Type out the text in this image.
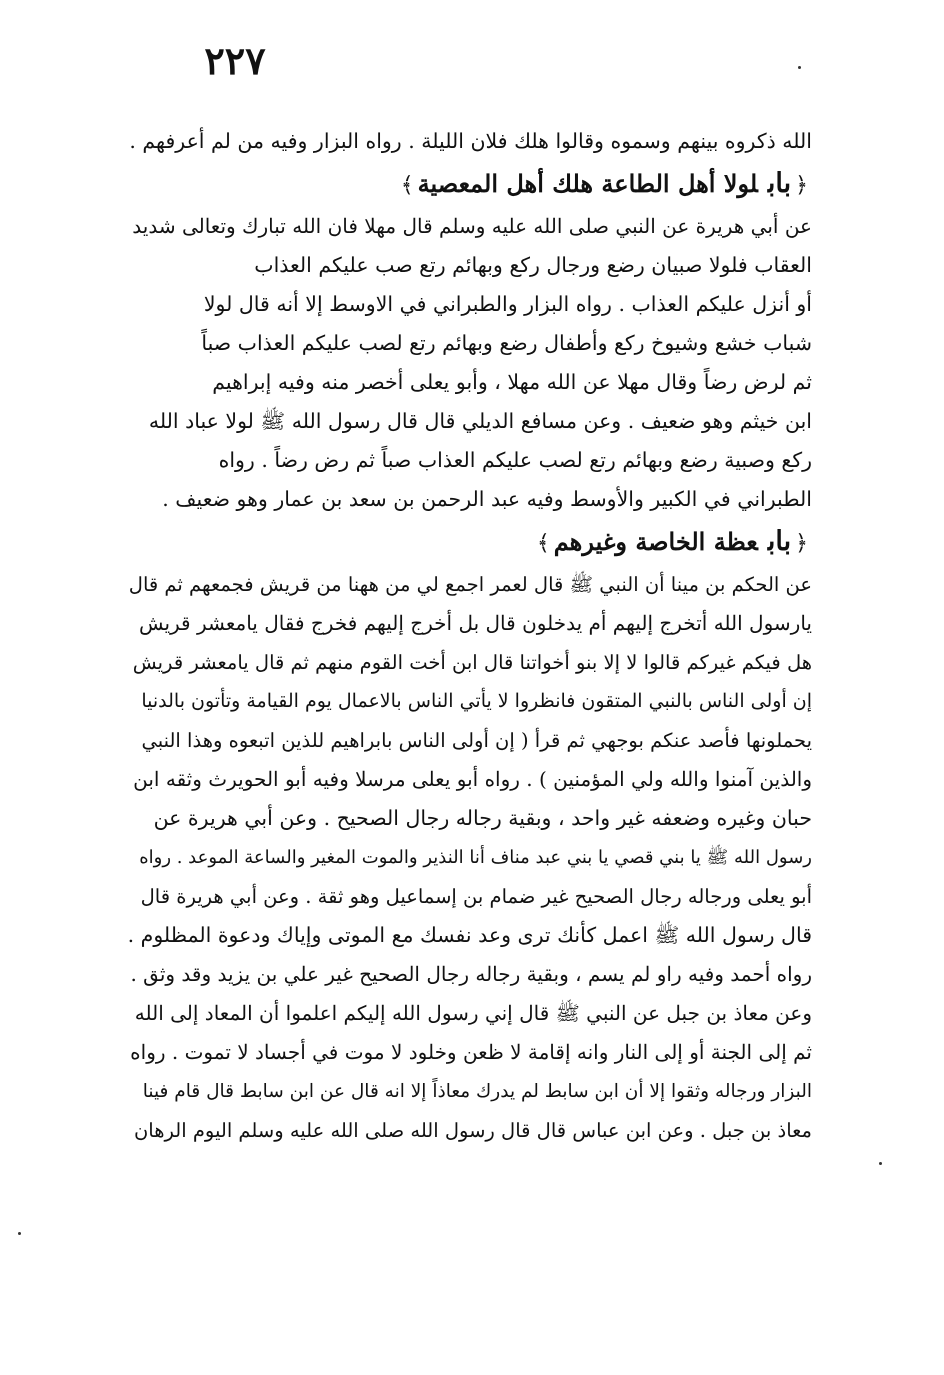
٢٢٧
الله ذكروه بينهم وسموه وقالوا هلك فلان الليلة . رواه البزار وفيه من لم أعرفهم .
﴿بابلولا أهل الطاعة هلك أهل المعصية﴾
عن أبي هريرة عن النبي صلى الله عليه وسلم قال مهلا فان الله تبارك وتعالى شديد
العقاب فلولا صبيان رضع ورجال ركع وبهائم رتع صب عليكم العذاب
أو أنزل عليكم العذاب . رواه البزار والطبراني في الاوسط إلا أنه قال لولا
شباب خشع وشيوخ ركع وأطفال رضع وبهائم رتع لصب عليكم العذاب صباً
ثم لرض رضاً وقال مهلا عن الله مهلا ، وأبو يعلى أخصر منه وفيه إبراهيم
ابن خيثم وهو ضعيف . وعن مسافع الديلي قال قال رسول الله ﷺ لولا عباد الله
ركع وصبية رضع وبهائم رتع لصب عليكم العذاب صباً ثم رض رضاً . رواه
الطبراني في الكبير والأوسط وفيه عبد الرحمن بن سعد بن عمار وهو ضعيف .
﴿بابعظة الخاصة وغيرهم﴾
عن الحكم بن مينا أن النبي ﷺ قال لعمر اجمع لي من ههنا من قريش فجمعهم ثم قال
يارسول الله أتخرج إليهم أم يدخلون قال بل أخرج إليهم فخرج فقال يامعشر قريش
هل فيكم غيركم قالوا لا إلا بنو أخواتنا قال ابن أخت القوم منهم ثم قال يامعشر قريش
إن أولى الناس بالنبي المتقون فانظروا لا يأتي الناس بالاعمال يوم القيامة وتأتون بالدنيا
يحملونها فأصد عنكم بوجهي ثم قرأ ( إن أولى الناس بابراهيم للذين اتبعوه وهذا النبي
والذين آمنوا والله ولي المؤمنين ) . رواه أبو يعلى مرسلا وفيه أبو الحويرث وثقه ابن
حبان وغيره وضعفه غير واحد ، وبقية رجاله رجال الصحيح . وعن أبي هريرة عن
رسول الله ﷺ يا بني قصي يا بني عبد مناف أنا النذير والموت المغير والساعة الموعد . رواه
أبو يعلى ورجاله رجال الصحيح غير ضمام بن إسماعيل وهو ثقة . وعن أبي هريرة قال
قال رسول الله ﷺ اعمل كأنك ترى وعد نفسك مع الموتى وإياك ودعوة المظلوم .
رواه أحمد وفيه راو لم يسم ، وبقية رجاله رجال الصحيح غير علي بن يزيد وقد وثق .
وعن معاذ بن جبل عن النبي ﷺ قال إني رسول الله إليكم اعلموا أن المعاد إلى الله
ثم إلى الجنة أو إلى النار وانه إقامة لا ظعن وخلود لا موت في أجساد لا تموت . رواه
البزار ورجاله وثقوا إلا أن ابن سابط لم يدرك معاذاً إلا انه قال عن ابن سابط قال قام فينا
معاذ بن جبل . وعن ابن عباس قال قال رسول الله صلى الله عليه وسلم اليوم الرهان
